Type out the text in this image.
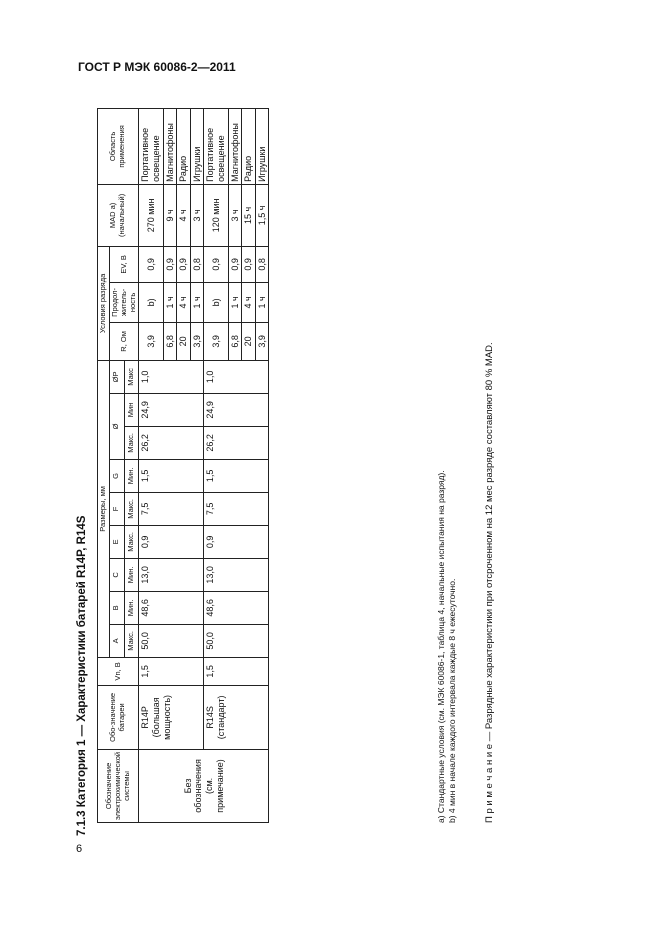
ГОСТ Р МЭК 60086-2—2011
6
7.1.3 Категория 1 — Характеристики батарей R14P, R14S Обозначение электрохимической системы	Обо-значение батареи	Vn, В	Размеры, мм									Условия разряда			MAD a) (начальный)	Область применения
			A	B	C	E	F	G	Ø		ØP	R, Ом	Продол-житель-ность	EV, В		
			Макс.	Мин.	Мин.	Макс.	Макс.	Мин.	Макс.	Мин	Макс					
Без обозначения (см. примечание)	R14P (большая мощность)	1,5	50,0	48,6	13,0	0,9	7,5	1,5	26,2	24,9	1,0	3,9	b)	0,9	270 мин	Портативное освещение
												6,8	1 ч	0,9	9 ч	Магнитофоны
												20	4 ч	0,9	4 ч	Радио
												3,9	1 ч	0,8	3 ч	Игрушки
	R14S (стандарт)	1,5	50,0	48,6	13,0	0,9	7,5	1,5	26,2	24,9	1,0	3,9	b)	0,9	120 мин	Портативное освещение
												6,8	1 ч	0,9	3 ч	Магнитофоны
												20	4 ч	0,9	15 ч	Радио
												3,9	1 ч	0,8	1,5 ч	Игрушки
a) Стандартные условия (см. МЭК 60086-1, таблица 4, начальные испытания на разряд). b) 4 мин в начале каждого интервала каждые 8 ч ежесуточно.	П р и м е ч а н и е — Разрядные характеристики при отсроченном на 12 мес разряде составляют 80 % MAD.
